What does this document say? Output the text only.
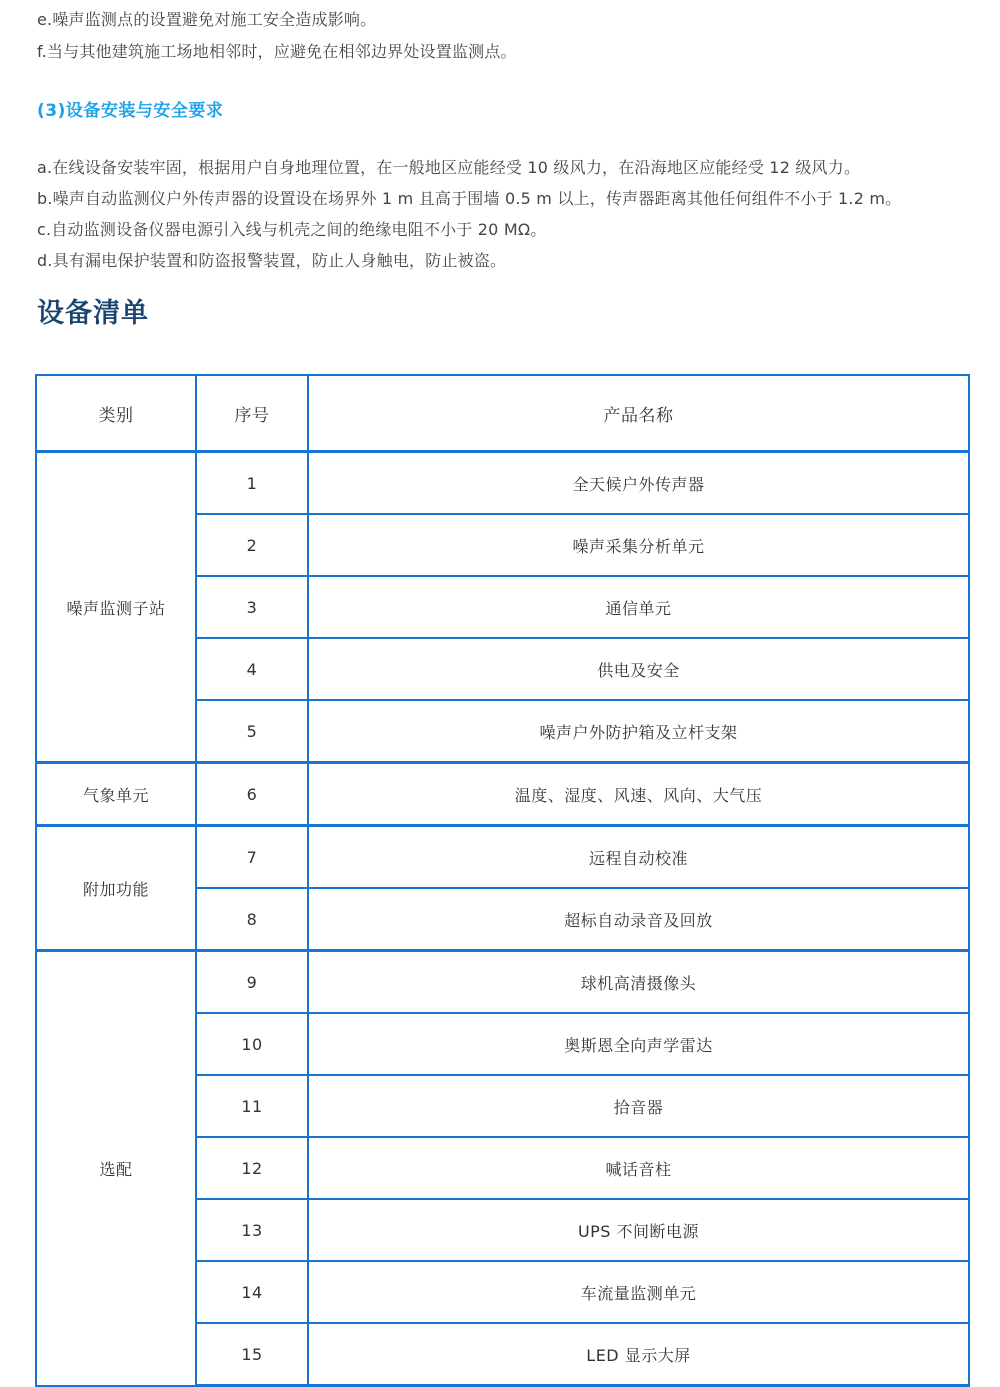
e.噪声监测点的设置避免对施工安全造成影响。

f.当与其他建筑施工场地相邻时，应避免在相邻边界处设置监测点。

(3)设备安装与安全要求

a.在线设备安装牢固，根据用户自身地理位置，在一般地区应能经受 10 级风力，在沿海地区应能经受 12 级风力。

b.噪声自动监测仪户外传声器的设置设在场界外 1 m 且高于围墙 0.5 m 以上，传声器距离其他任何组件不小于 1.2 m。

c.自动监测设备仪器电源引入线与机壳之间的绝缘电阻不小于 20 MΩ。

d.具有漏电保护装置和防盗报警装置，防止人身触电，防止被盗。

设备清单
类别	序号	产品名称
噪声监测子站	1	全天候户外传声器
	2	噪声采集分析单元
	3	通信单元
	4	供电及安全
	5	噪声户外防护箱及立杆支架
气象单元	6	温度、湿度、风速、风向、大气压
附加功能	7	远程自动校准
	8	超标自动录音及回放
选配	9	球机高清摄像头
	10	奥斯恩全向声学雷达
	11	拾音器
	12	喊话音柱
	13	UPS 不间断电源
	14	车流量监测单元
	15	LED 显示大屏
